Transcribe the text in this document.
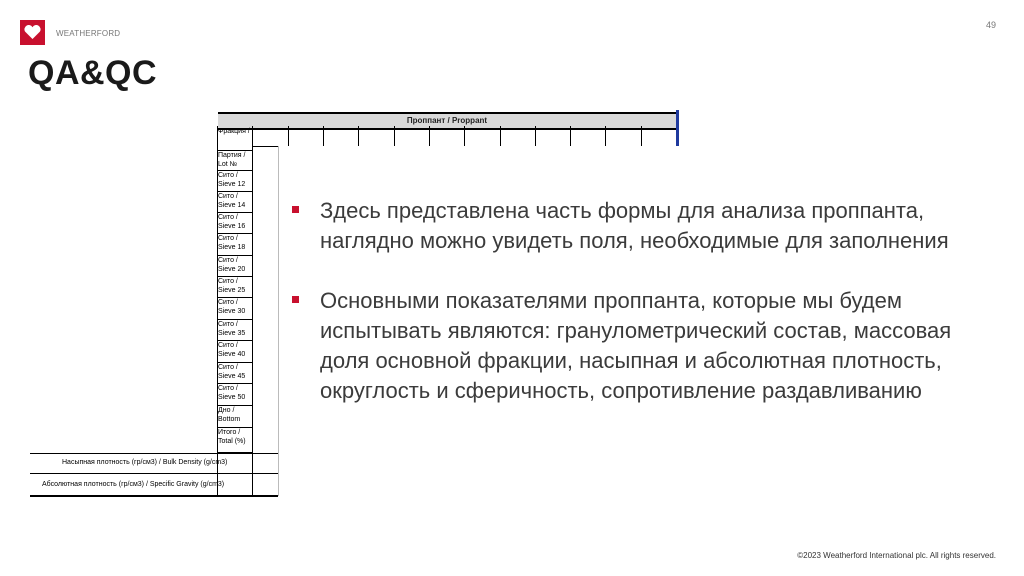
WEATHERFORD
49
QA&QC
Проппант / Proppant
Фракция /
Партия / Lot №
Сито / Sieve 12
Сито / Sieve 14
Сито / Sieve 16
Сито / Sieve 18
Сито / Sieve 20
Сито / Sieve 25
Сито / Sieve 30
Сито / Sieve 35
Сито / Sieve 40
Сито / Sieve 45
Сито / Sieve 50
Дно / Bottom
Итого / Total (%)
Насыпная плотность (гр/см3) / Bulk Density (g/cm3)
Абсолютная плотность (гр/см3) / Specific Gravity (g/cm3)
Здесь представлена часть формы для анализа проппанта, наглядно можно увидеть поля, необходимые для заполнения
Основными показателями проппанта, которые мы будем испытывать являются: гранулометрический состав, массовая доля основной фракции, насыпная и абсолютная плотность, округлость и сферичность, сопротивление раздавливанию
©2023 Weatherford International plc. All rights reserved.
